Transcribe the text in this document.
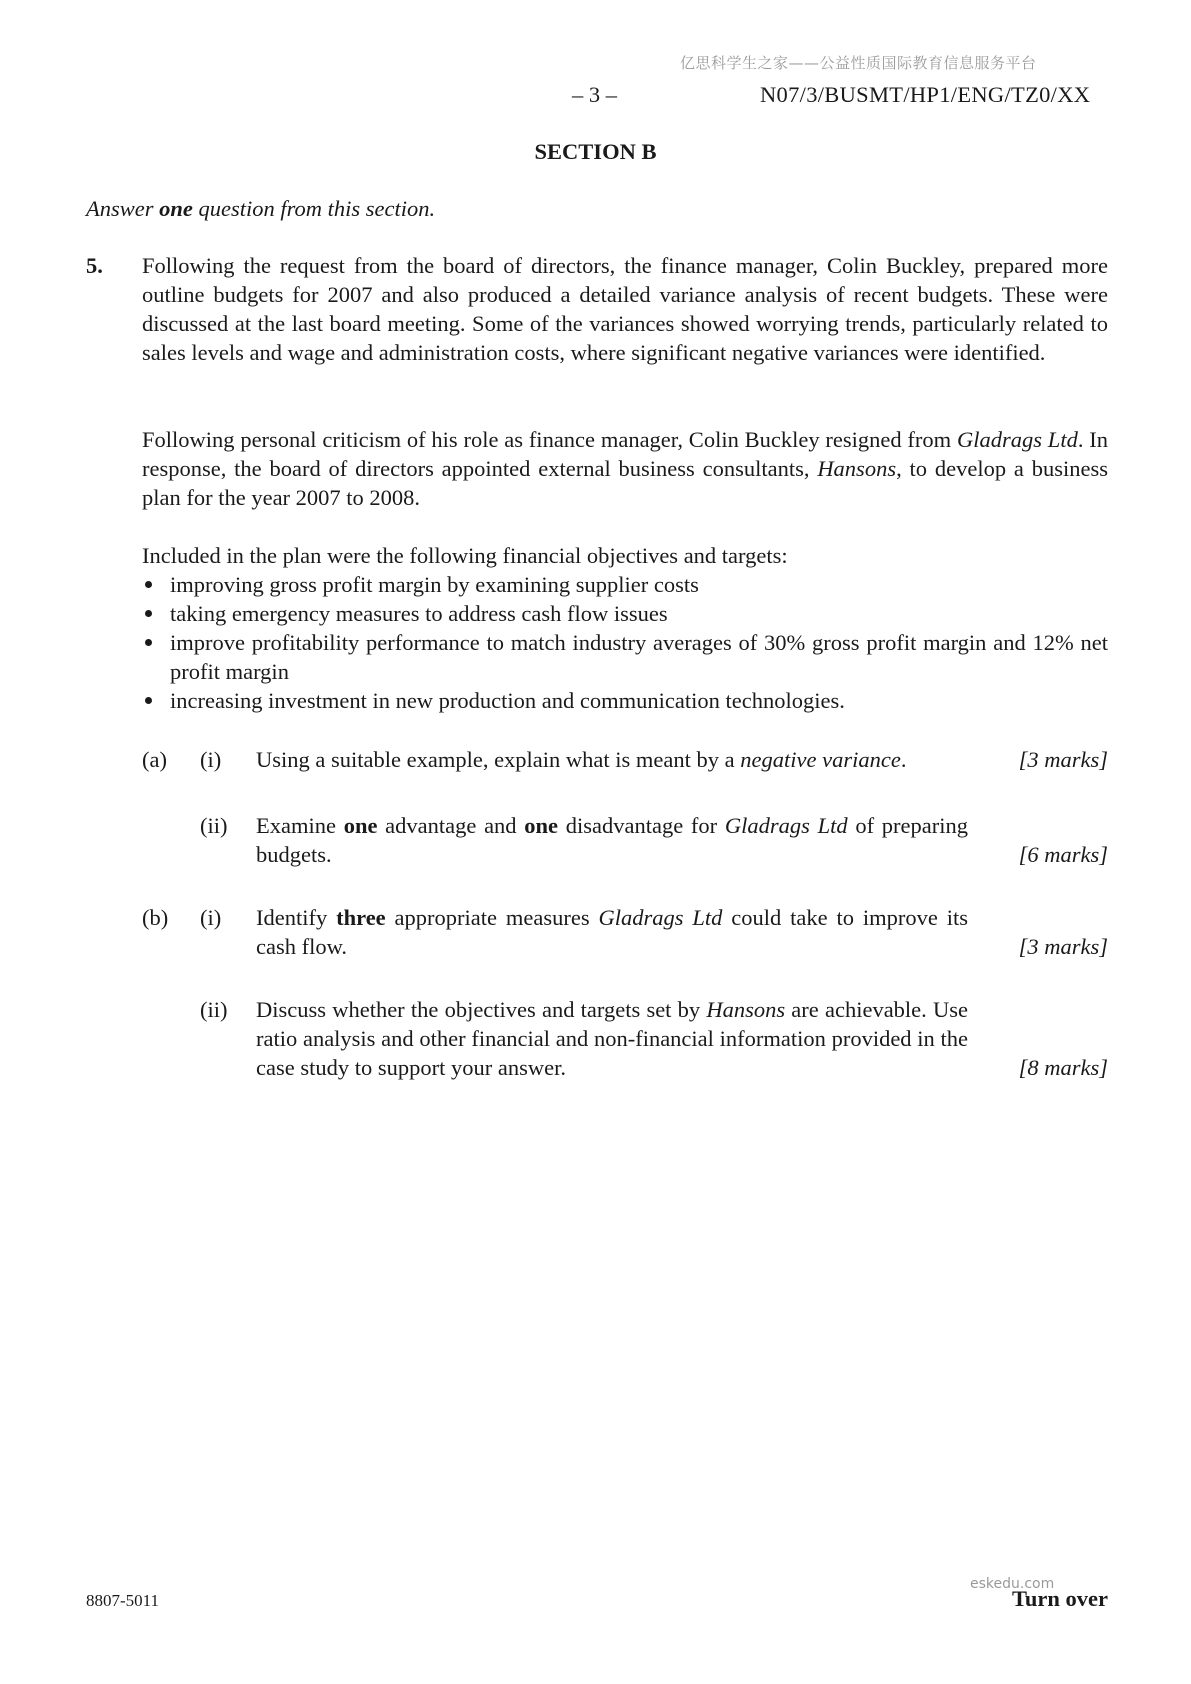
亿思科学生之家——公益性质国际教育信息服务平台
– 3 –	N07/3/BUSMT/HP1/ENG/TZ0/XX
SECTION B
Answer one question from this section.
5. Following the request from the board of directors, the finance manager, Colin Buckley, prepared more outline budgets for 2007 and also produced a detailed variance analysis of recent budgets. These were discussed at the last board meeting. Some of the variances showed worrying trends, particularly related to sales levels and wage and administration costs, where significant negative variances were identified.
Following personal criticism of his role as finance manager, Colin Buckley resigned from Gladrags Ltd. In response, the board of directors appointed external business consultants, Hansons, to develop a business plan for the year 2007 to 2008.
Included in the plan were the following financial objectives and targets:
improving gross profit margin by examining supplier costs
taking emergency measures to address cash flow issues
improve profitability performance to match industry averages of 30% gross profit margin and 12% net profit margin
increasing investment in new production and communication technologies.
(a) (i) Using a suitable example, explain what is meant by a negative variance.	[3 marks]
(ii) Examine one advantage and one disadvantage for Gladrags Ltd of preparing budgets.	[6 marks]
(b) (i) Identify three appropriate measures Gladrags Ltd could take to improve its cash flow.	[3 marks]
(ii) Discuss whether the objectives and targets set by Hansons are achievable. Use ratio analysis and other financial and non-financial information provided in the case study to support your answer.	[8 marks]
8807-5011
eskedu.com
Turn over
